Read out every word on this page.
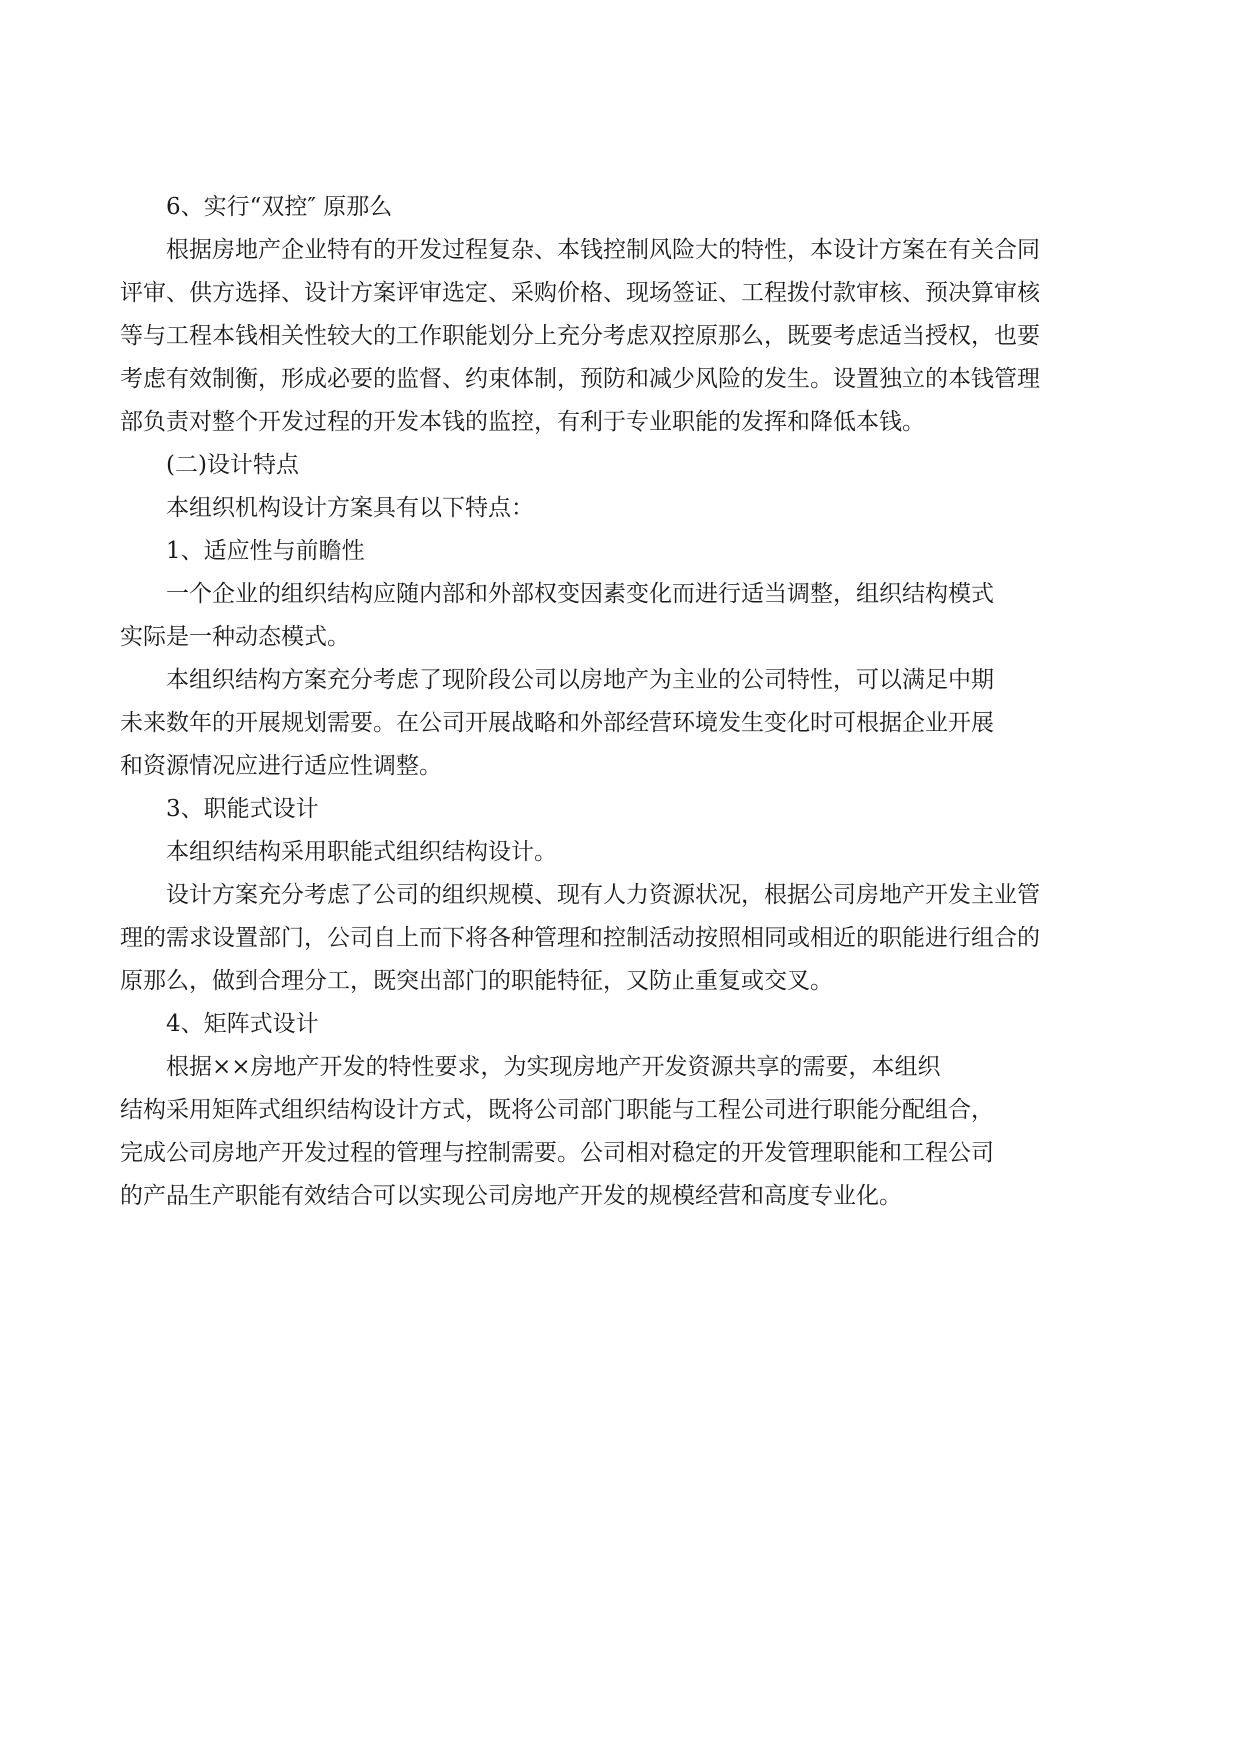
6、实行“双控″ 原那么
根据房地产企业特有的开发过程复杂、本钱控制风险大的特性，本设计方案在有关合同
评审、供方选择、设计方案评审选定、采购价格、现场签证、工程拨付款审核、预决算审核
等与工程本钱相关性较大的工作职能划分上充分考虑双控原那么，既要考虑适当授权，也要
考虑有效制衡，形成必要的监督、约束体制，预防和减少风险的发生。设置独立的本钱管理
部负责对整个开发过程的开发本钱的监控，有利于专业职能的发挥和降低本钱。
(二)设计特点
本组织机构设计方案具有以下特点：
1、适应性与前瞻性
一个企业的组织结构应随内部和外部权变因素变化而进行适当调整，组织结构模式
实际是一种动态模式。
本组织结构方案充分考虑了现阶段公司以房地产为主业的公司特性，可以满足中期
未来数年的开展规划需要。在公司开展战略和外部经营环境发生变化时可根据企业开展
和资源情况应进行适应性调整。
3、职能式设计
本组织结构采用职能式组织结构设计。
设计方案充分考虑了公司的组织规模、现有人力资源状况，根据公司房地产开发主业管
理的需求设置部门，公司自上而下将各种管理和控制活动按照相同或相近的职能进行组合的
原那么，做到合理分工，既突出部门的职能特征，又防止重复或交叉。
4、矩阵式设计
根据××房地产开发的特性要求，为实现房地产开发资源共享的需要，本组织
结构采用矩阵式组织结构设计方式，既将公司部门职能与工程公司进行职能分配组合，
完成公司房地产开发过程的管理与控制需要。公司相对稳定的开发管理职能和工程公司
的产品生产职能有效结合可以实现公司房地产开发的规模经营和高度专业化。
